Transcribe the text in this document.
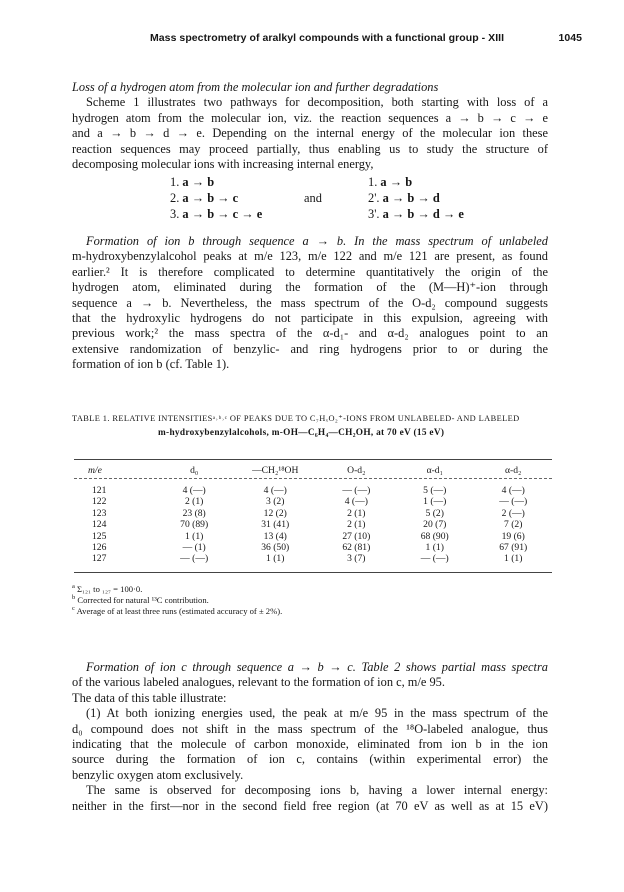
Mass spectrometry of aralkyl compounds with a functional group - XIII	1045
Loss of a hydrogen atom from the molecular ion and further degradations
Scheme 1 illustrates two pathways for decomposition, both starting with loss of a
hydrogen atom from the molecular ion, viz. the reaction sequences a → b → c → e
and a → b → d → e. Depending on the internal energy of the molecular ion these
reaction sequences may proceed partially, thus enabling us to study the structure of
decomposing molecular ions with increasing internal energy,
1. a → b
2. a → b → c
3. a → b → c → e
and
1. a → b
2'. a → b → d
3'. a → b → d → e
Formation of ion b through sequence a → b. In the mass spectrum of unlabeled
m-hydroxybenzylalcohol peaks at m/e 123, m/e 122 and m/e 121 are present, as found
earlier.² It is therefore complicated to determine quantitatively the origin of the
hydrogen atom, eliminated during the formation of the (M—H)⁺-ion through
sequence a → b. Nevertheless, the mass spectrum of the O-d₂ compound suggests
that the hydroxylic hydrogens do not participate in this expulsion, agreeing with
previous work;² the mass spectra of the α-d₁- and α-d₂ analogues point to an
extensive randomization of benzylic- and ring hydrogens prior to or during the
formation of ion b (cf. Table 1).
TABLE 1. RELATIVE INTENSITIESᵃ˒ᵇ˒ᶜ OF PEAKS DUE TO C₇HₓO₂⁺-IONS FROM UNLABELED- AND LABELED
m-hydroxybenzylalcohols, m-OH—C₆H₄—CH₂OH, at 70 eV (15 eV)
m/e	d₀	—CH₂¹⁸OH	O-d₂	α-d₁	α-d₂

121	4 (—)	4 (—)	— (—)	5 (—)	4 (—)
122	2 (1)	3 (2)	4 (—)	1 (—)	— (—)
123	23 (8)	12 (2)	2 (1)	5 (2)	2 (—)
124	70 (89)	31 (41)	2 (1)	20 (7)	7 (2)
125	1 (1)	13 (4)	27 (10)	68 (90)	19 (6)
126	— (1)	36 (50)	62 (81)	1 (1)	67 (91)
127	— (—)	1 (1)	3 (7)	— (—)	1 (1)
$^a$ Σ₁₂₁ to ₁₂₇ = 100·0.
$^b$ Corrected for natural ¹³C contribution.
$^c$ Average of at least three runs (estimated accuracy of ± 2%).
Formation of ion c through sequence a → b → c. Table 2 shows partial mass spectra
of the various labeled analogues, relevant to the formation of ion c, m/e 95.
The data of this table illustrate:
(1) At both ionizing energies used, the peak at m/e 95 in the mass spectrum of the
d₀ compound does not shift in the mass spectrum of the ¹⁸O-labeled analogue, thus
indicating that the molecule of carbon monoxide, eliminated from ion b in the ion
source during the formation of ion c, contains (within experimental error) the
benzylic oxygen atom exclusively.
The same is observed for decomposing ions b, having a lower internal energy:
neither in the first—nor in the second field free region (at 70 eV as well as at 15 eV)
